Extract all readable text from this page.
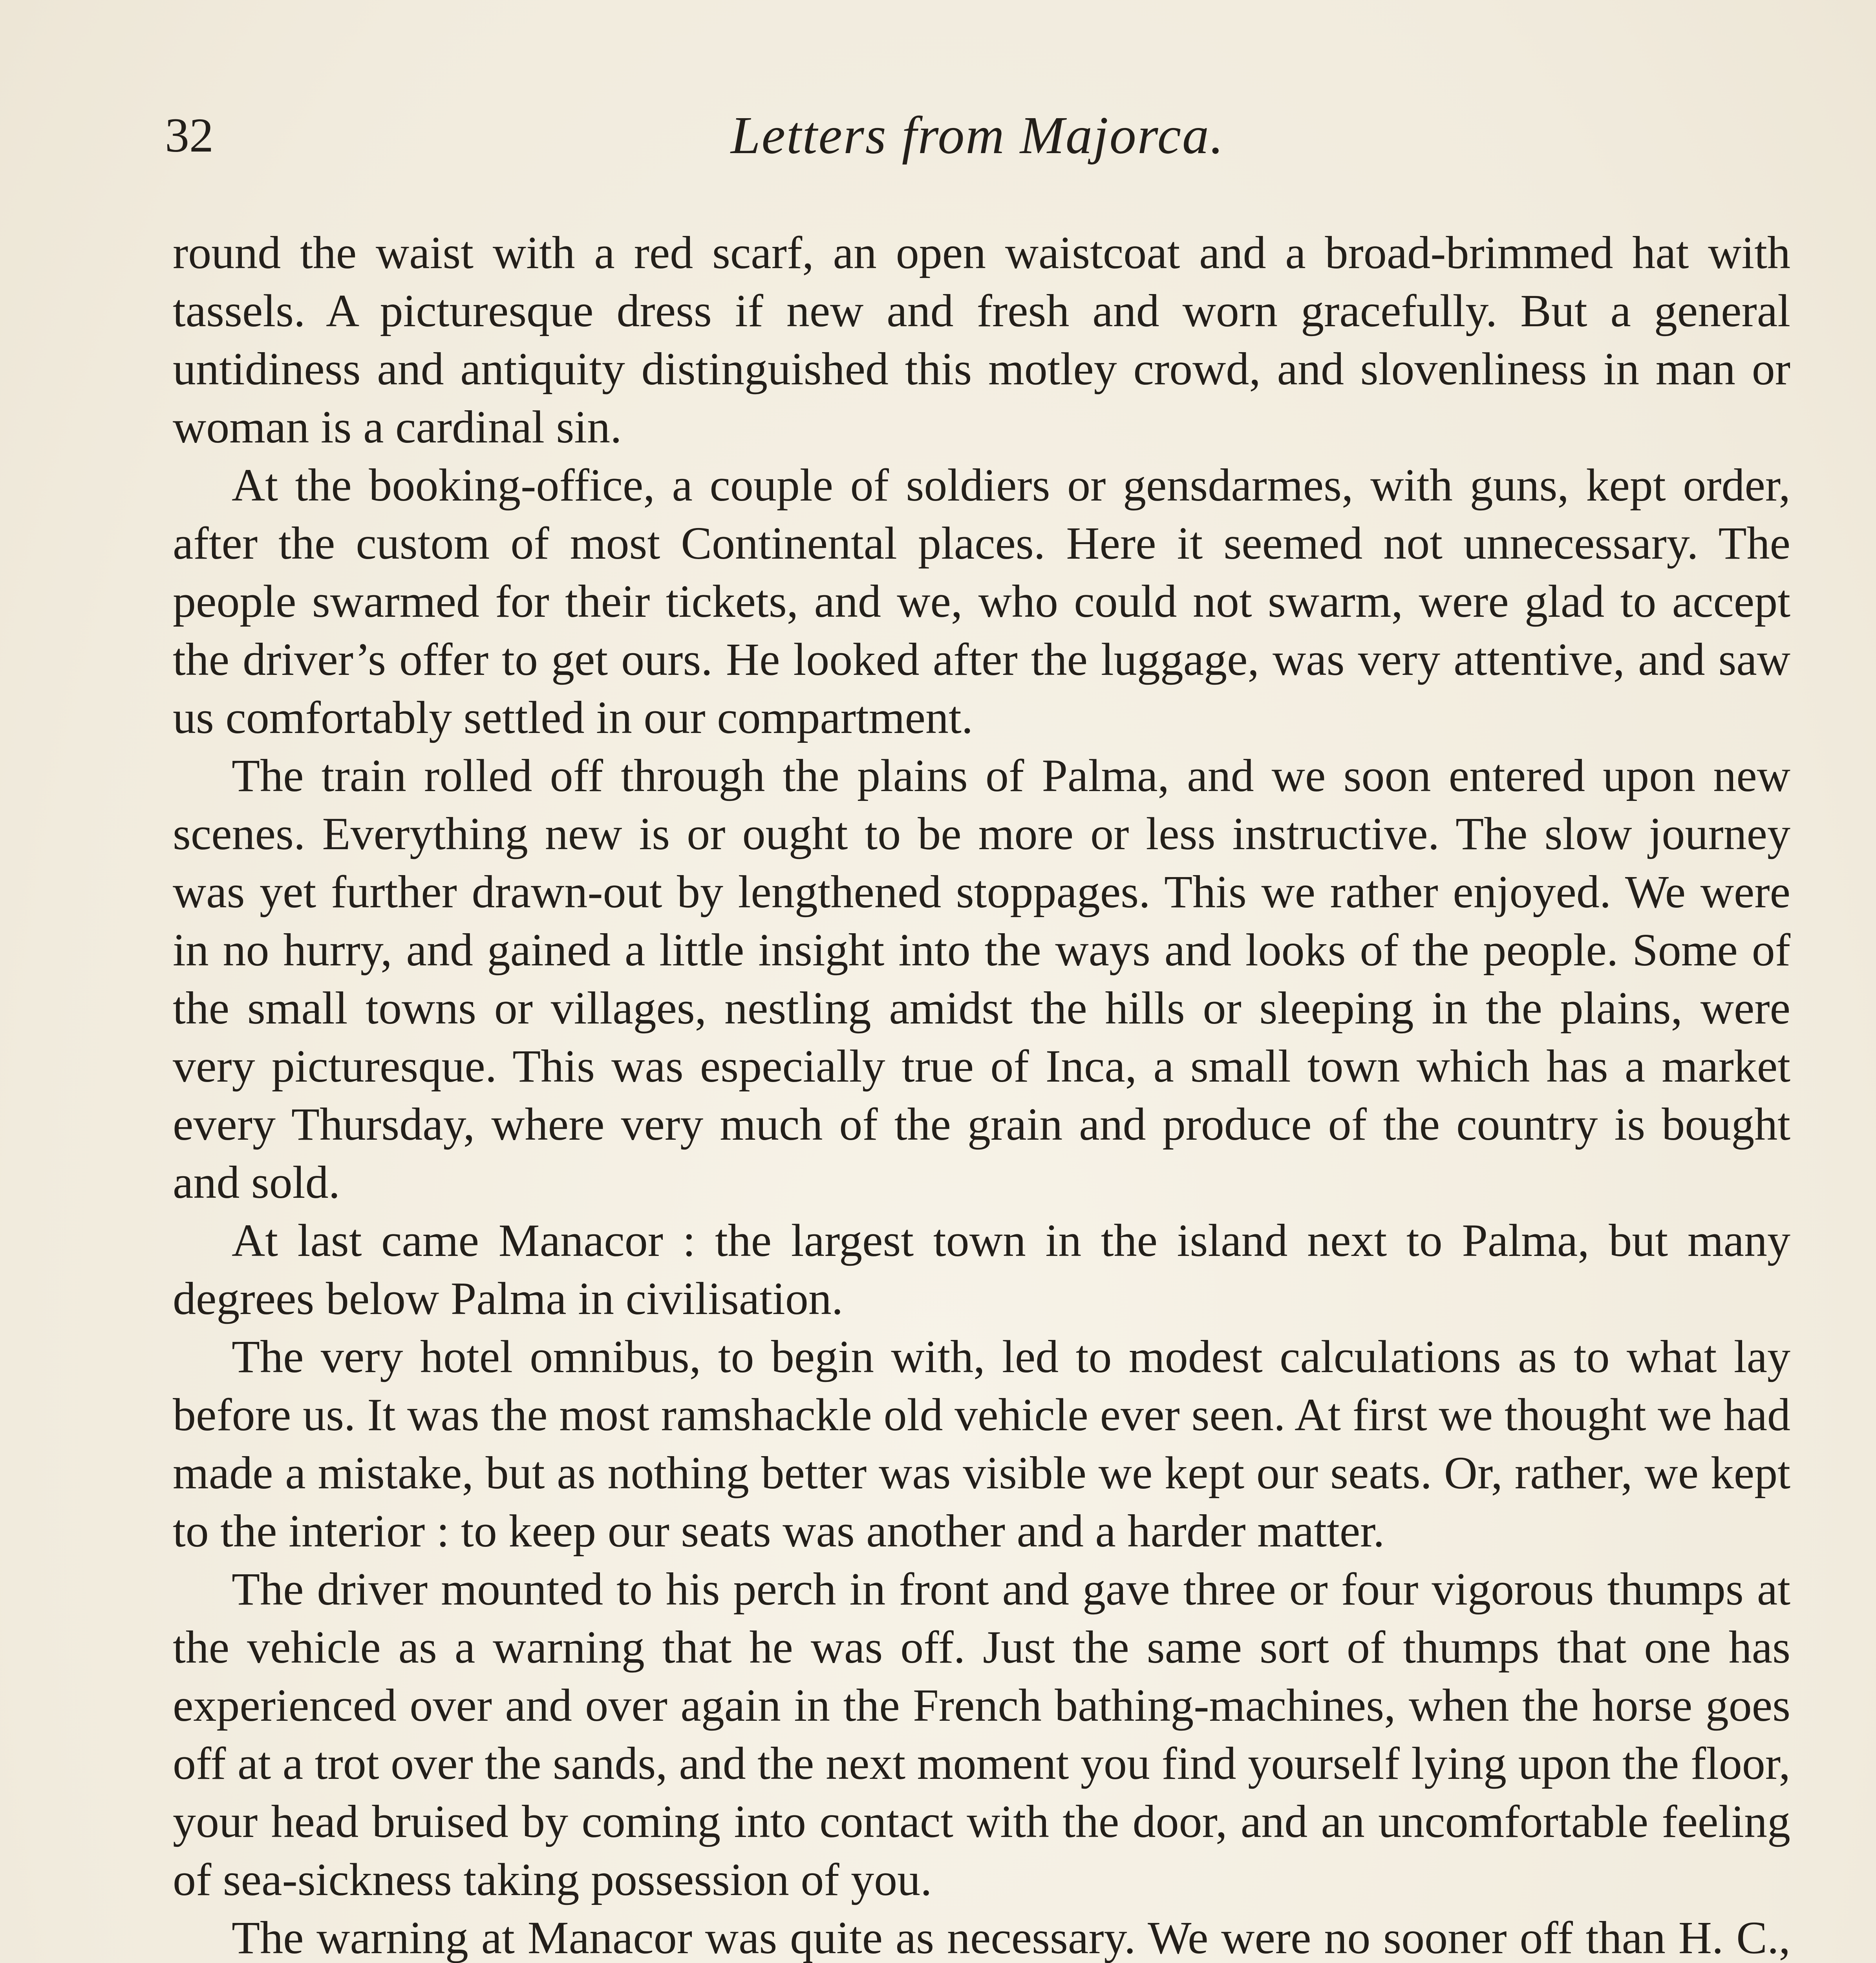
32	Letters from Majorca.

round the waist with a red scarf, an open waistcoat and a broad-brimmed hat with tassels. A picturesque dress if new and fresh and worn gracefully. But a general untidiness and antiquity distinguished this motley crowd, and slovenliness in man or woman is a cardinal sin.

At the booking-office, a couple of soldiers or gensdarmes, with guns, kept order, after the custom of most Continental places. Here it seemed not unnecessary. The people swarmed for their tickets, and we, who could not swarm, were glad to accept the driver’s offer to get ours. He looked after the luggage, was very attentive, and saw us comfortably settled in our compartment.

The train rolled off through the plains of Palma, and we soon entered upon new scenes. Everything new is or ought to be more or less instructive. The slow journey was yet further drawn-out by lengthened stoppages. This we rather enjoyed. We were in no hurry, and gained a little insight into the ways and looks of the people. Some of the small towns or villages, nestling amidst the hills or sleeping in the plains, were very picturesque. This was especially true of Inca, a small town which has a market every Thursday, where very much of the grain and produce of the country is bought and sold.

At last came Manacor : the largest town in the island next to Palma, but many degrees below Palma in civilisation.

The very hotel omnibus, to begin with, led to modest calculations as to what lay before us. It was the most ramshackle old vehicle ever seen. At first we thought we had made a mistake, but as nothing better was visible we kept our seats. Or, rather, we kept to the interior : to keep our seats was another and a harder matter.

The driver mounted to his perch in front and gave three or four vigorous thumps at the vehicle as a warning that he was off. Just the same sort of thumps that one has experienced over and over again in the French bathing-machines, when the horse goes off at a trot over the sands, and the next moment you find yourself lying upon the floor, your head bruised by coming into contact with the door, and an uncomfortable feeling of sea-sickness taking possession of you.

The warning at Manacor was quite as necessary. We were no sooner off than H. C.,
